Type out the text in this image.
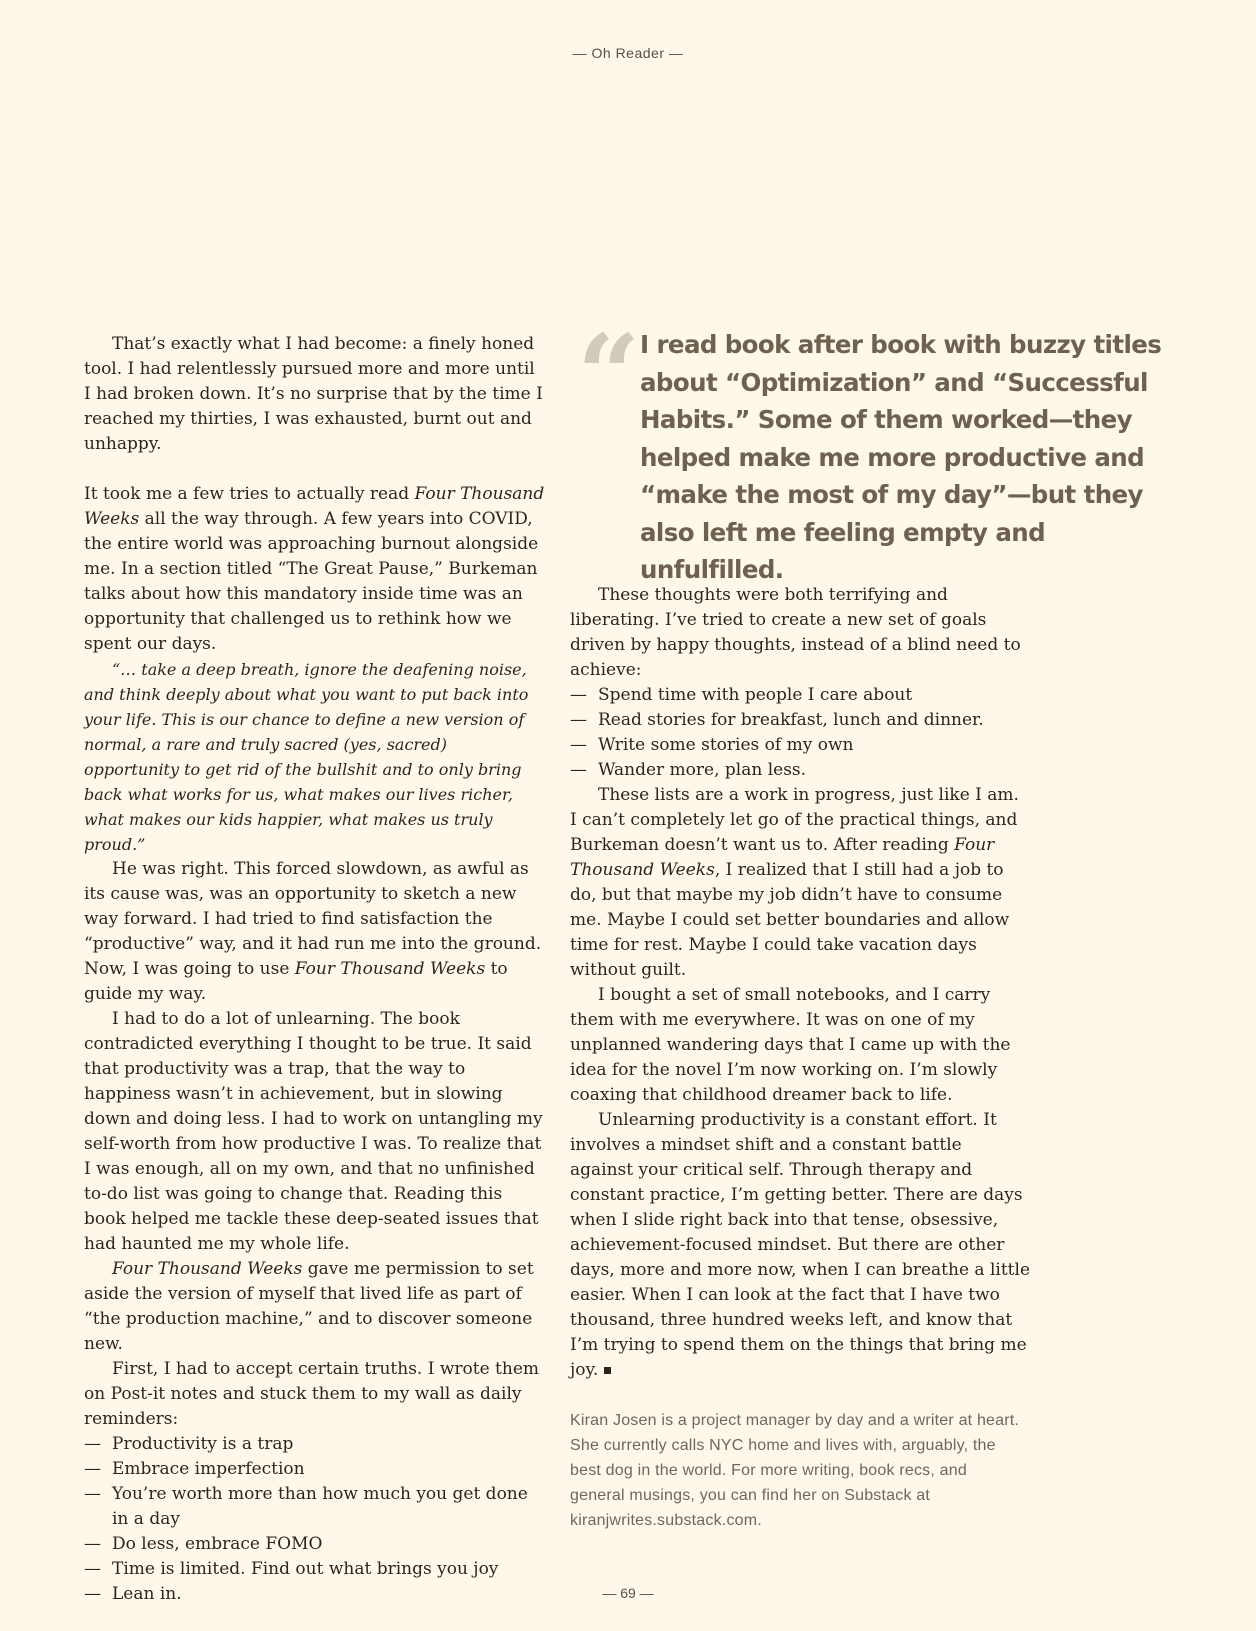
— Oh Reader —

That’s exactly what I had become: a finely honed tool. I had relentlessly pursued more and more until I had broken down. It’s no surprise that by the time I reached my thirties, I was exhausted, burnt out and unhappy.

It took me a few tries to actually read Four Thousand Weeks all the way through. A few years into COVID, the entire world was approaching burnout alongside me. In a section titled “The Great Pause,” Burkeman talks about how this mandatory inside time was an opportunity that challenged us to rethink how we spent our days.

“… take a deep breath, ignore the deafening noise, and think deeply about what you want to put back into your life. This is our chance to define a new version of normal, a rare and truly sacred (yes, sacred) opportunity to get rid of the bullshit and to only bring back what works for us, what makes our lives richer, what makes our kids happier, what makes us truly proud.”

He was right. This forced slowdown, as awful as its cause was, was an opportunity to sketch a new way forward. I had tried to find satisfaction the “productive” way, and it had run me into the ground. Now, I was going to use Four Thousand Weeks to guide my way.

I had to do a lot of unlearning. The book contradicted everything I thought to be true. It said that productivity was a trap, that the way to happiness wasn’t in achievement, but in slowing down and doing less. I had to work on untangling my self-worth from how productive I was. To realize that I was enough, all on my own, and that no unfinished to-do list was going to change that. Reading this book helped me tackle these deep-seated issues that had haunted me my whole life.

Four Thousand Weeks gave me permission to set aside the version of myself that lived life as part of “the production machine,” and to discover someone new.

First, I had to accept certain truths. I wrote them on Post-it notes and stuck them to my wall as daily reminders:

— Productivity is a trap
— Embrace imperfection
— You’re worth more than how much you get done in a day
— Do less, embrace FOMO
— Time is limited. Find out what brings you joy
— Lean in.
“ I read book after book with buzzy titles about “Optimization” and “Successful Habits.” Some of them worked—they helped make me more productive and “make the most of my day”—but they also left me feeling empty and unfulfilled.

These thoughts were both terrifying and liberating. I’ve tried to create a new set of goals driven by happy thoughts, instead of a blind need to achieve:

— Spend time with people I care about
— Read stories for breakfast, lunch and dinner.
— Write some stories of my own
— Wander more, plan less.

These lists are a work in progress, just like I am. I can’t completely let go of the practical things, and Burkeman doesn’t want us to. After reading Four Thousand Weeks, I realized that I still had a job to do, but that maybe my job didn’t have to consume me. Maybe I could set better boundaries and allow time for rest. Maybe I could take vacation days without guilt.

I bought a set of small notebooks, and I carry them with me everywhere. It was on one of my unplanned wandering days that I came up with the idea for the novel I’m now working on. I’m slowly coaxing that childhood dreamer back to life.

Unlearning productivity is a constant effort. It involves a mindset shift and a constant battle against your critical self. Through therapy and constant practice, I’m getting better. There are days when I slide right back into that tense, obsessive, achievement-focused mindset. But there are other days, more and more now, when I can breathe a little easier. When I can look at the fact that I have two thousand, three hundred weeks left, and know that I’m trying to spend them on the things that bring me joy.

Kiran Josen is a project manager by day and a writer at heart. She currently calls NYC home and lives with, arguably, the best dog in the world. For more writing, book recs, and general musings, you can find her on Substack at kiranjwrites.substack.com.
— 69 —
